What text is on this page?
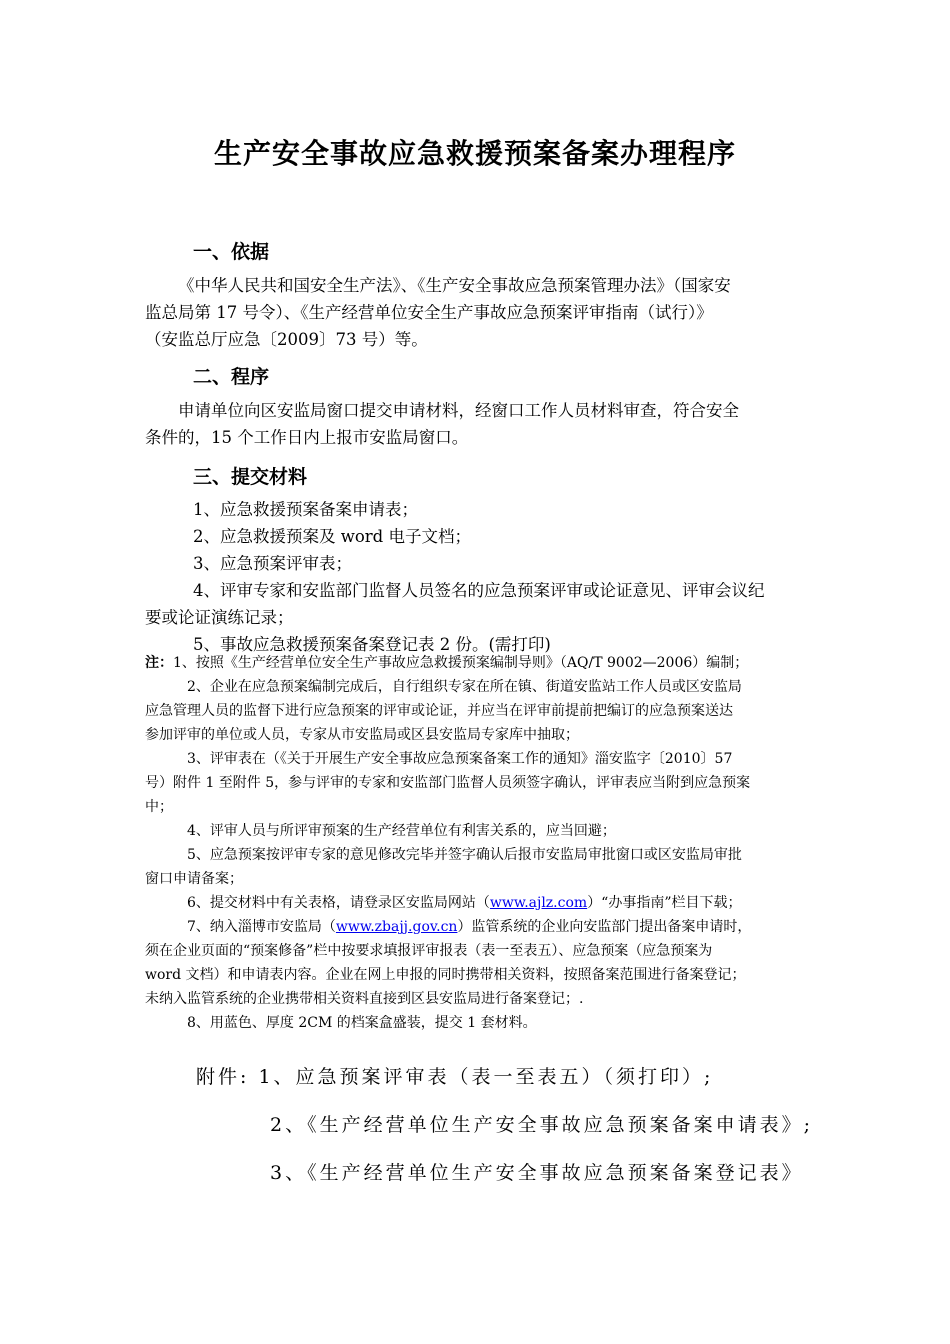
生产安全事故应急救援预案备案办理程序
一、依据
《中华人民共和国安全生产法》、《生产安全事故应急预案管理办法》（国家安
监总局第 17 号令）、《生产经营单位安全生产事故应急预案评审指南（试行）》
（安监总厅应急〔2009〕73 号）等。
二、程序
申请单位向区安监局窗口提交申请材料，经窗口工作人员材料审查，符合安全
条件的，15 个工作日内上报市安监局窗口。
三、提交材料
1、应急救援预案备案申请表；
2、应急救援预案及 word 电子文档；
3、应急预案评审表；
4、评审专家和安监部门监督人员签名的应急预案评审或论证意见、评审会议纪
要或论证演练记录；
5、事故应急救援预案备案登记表 2 份。(需打印)
注：1、按照《生产经营单位安全生产事故应急救援预案编制导则》（AQ/T 9002—2006）编制；
2、企业在应急预案编制完成后，自行组织专家在所在镇、街道安监站工作人员或区安监局
应急管理人员的监督下进行应急预案的评审或论证，并应当在评审前提前把编订的应急预案送达
参加评审的单位或人员，专家从市安监局或区县安监局专家库中抽取；
3、评审表在（《关于开展生产安全事故应急预案备案工作的通知》淄安监字〔2010〕57
号）附件 1 至附件 5，参与评审的专家和安监部门监督人员须签字确认，评审表应当附到应急预案
中；
4、评审人员与所评审预案的生产经营单位有利害关系的，应当回避；
5、应急预案按评审专家的意见修改完毕并签字确认后报市安监局审批窗口或区安监局审批
窗口申请备案；
6、提交材料中有关表格，请登录区安监局网站（www.ajlz.com）“办事指南”栏目下载；
7、纳入淄博市安监局（www.zbajj.gov.cn）监管系统的企业向安监部门提出备案申请时，
须在企业页面的“预案修备”栏中按要求填报评审报表（表一至表五）、应急预案（应急预案为
word 文档）和申请表内容。企业在网上申报的同时携带相关资料，按照备案范围进行备案登记；
未纳入监管系统的企业携带相关资料直接到区县安监局进行备案登记；.
8、用蓝色、厚度 2CM 的档案盒盛装，提交 1 套材料。

附件: 1、应急预案评审表（表一至表五）（须打印）;

2、《生产经营单位生产安全事故应急预案备案申请表》;

3、《生产经营单位生产安全事故应急预案备案登记表》
